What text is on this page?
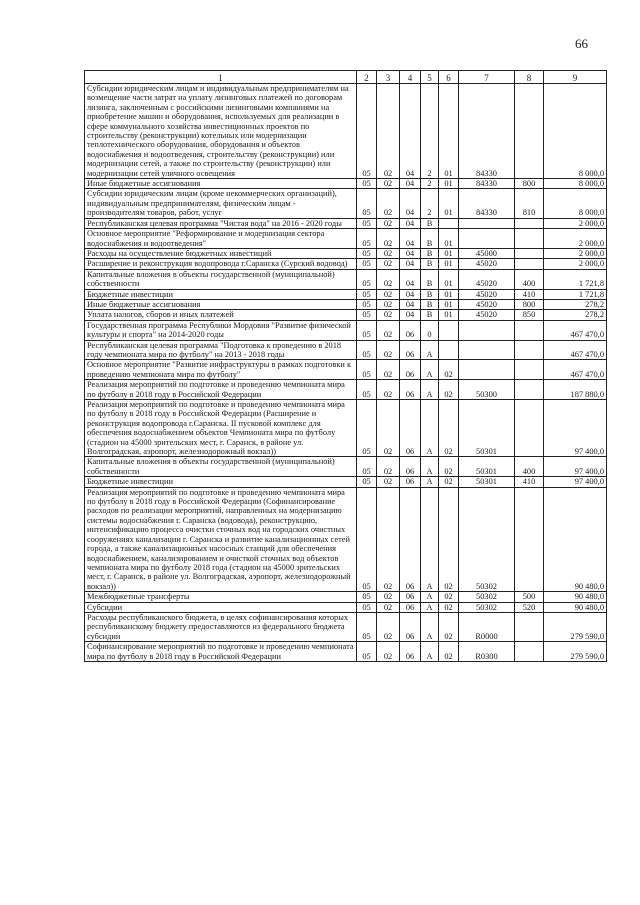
66
1	2	3	4	5	6	7	8	9
Субсидии юридическим лицам и индивидуальным предпринимателям на возмещение части затрат на уплату лизинговых платежей по договорам лизинга, заключенным с российскими лизинговыми компаниями на приобретение машин и оборудования, используемых для реализации в сфере коммунального хозяйства инвестиционных проектов по строительству (реконструкции) котельных или модернизации теплотехнического оборудования, оборудования и объектов водоснабжения и водоотведения, строительству (реконструкции) или модернизации сетей, а также по строительству (реконструкции) или модернизации сетей уличного освещения	05	02	04	2	01	84330		8 000,0
Иные бюджетные ассигнования	05	02	04	2	01	84330	800	8 000,0
Субсидии юридическим лицам (кроме некоммерческих организаций), индивидуальным предпринимателям, физическим лицам - производителям товаров, работ, услуг	05	02	04	2	01	84330	810	8 000,0
Республиканская целевая программа "Чистая вода" на 2016 - 2020 годы	05	02	04	В				2 000,0
Основное мероприятие "Реформирование и модернизация сектора водоснабжения и водоотведения"	05	02	04	В	01			2 000,0
Расходы на осуществление бюджетных инвестиций	05	02	04	В	01	45000		2 000,0
Расширение и реконструкция водопровода г.Саранска (Сурский водовод)	05	02	04	В	01	45020		2 000,0
Капитальные вложения в объекты государственной (муниципальной) собственности	05	02	04	В	01	45020	400	1 721,8
Бюджетные инвестиции	05	02	04	В	01	45020	410	1 721,8
Иные бюджетные ассигнования	05	02	04	В	01	45020	800	278,2
Уплата налогов, сборов и иных платежей	05	02	04	В	01	45020	850	278,2
Государственная программа Республики Мордовия "Развитие физической культуры и спорта" на 2014-2020 годы	05	02	06	0				467 470,0
Республиканская целевая программа "Подготовка к проведению в 2018 году чемпионата мира по футболу" на 2013 - 2018 годы	05	02	06	А				467 470,0
Основное мероприятие "Развитие инфраструктуры в рамках подготовки к проведению чемпионата мира по футболу"	05	02	06	А	02			467 470,0
Реализация мероприятий по подготовке и проведению чемпионата мира по футболу в 2018 году в Российской Федерации	05	02	06	А	02	50300		187 880,0
Реализация мероприятий по подготовке и проведению чемпионата мира по футболу в 2018 году в Российской Федерации (Расширение и реконструкция водопровода г.Саранска. II пусковой комплекс для обеспечения водоснабжением объектов Чемпионата мира по футболу (стадион на 45000 зрительских мест, г. Саранск, в районе ул. Волгоградская, аэропорт, железнодорожный вокзал))	05	02	06	А	02	50301		97 400,0
Капитальные вложения в объекты государственной (муниципальной) собственности	05	02	06	А	02	50301	400	97 400,0
Бюджетные инвестиции	05	02	06	А	02	50301	410	97 400,0
Реализация мероприятий по подготовке и проведению чемпионата мира по футболу в 2018 году в Российской Федерации (Софинансирование расходов по реализации мероприятий, направленных на модернизацию системы водоснабжения г. Саранска (водовода), реконструкцию, интенсификацию процесса очистки сточных вод на городских очистных сооружениях канализации г. Саранска и развитие канализационных сетей города, а также канализационных насосных станций для обеспечения водоснабжением, канализированием и очисткой сточных вод объектов чемпионата мира по футболу 2018 года (стадион на 45000 зрительских мест, г. Саранск, в районе ул. Волгоградская, аэропорт, железнодорожный вокзал))	05	02	06	А	02	50302		90 480,0
Межбюджетные трансферты	05	02	06	А	02	50302	500	90 480,0
Субсидии	05	02	06	А	02	50302	520	90 480,0
Расходы республиканского бюджета, в целях софинансирования которых республиканскому бюджету предоставляются из федерального бюджета субсидии	05	02	06	А	02	R0000		279 590,0
Софинансирование мероприятий по подготовке и проведению чемпионата мира по футболу в 2018 году в Российской Федерации	05	02	06	А	02	R0300		279 590,0
